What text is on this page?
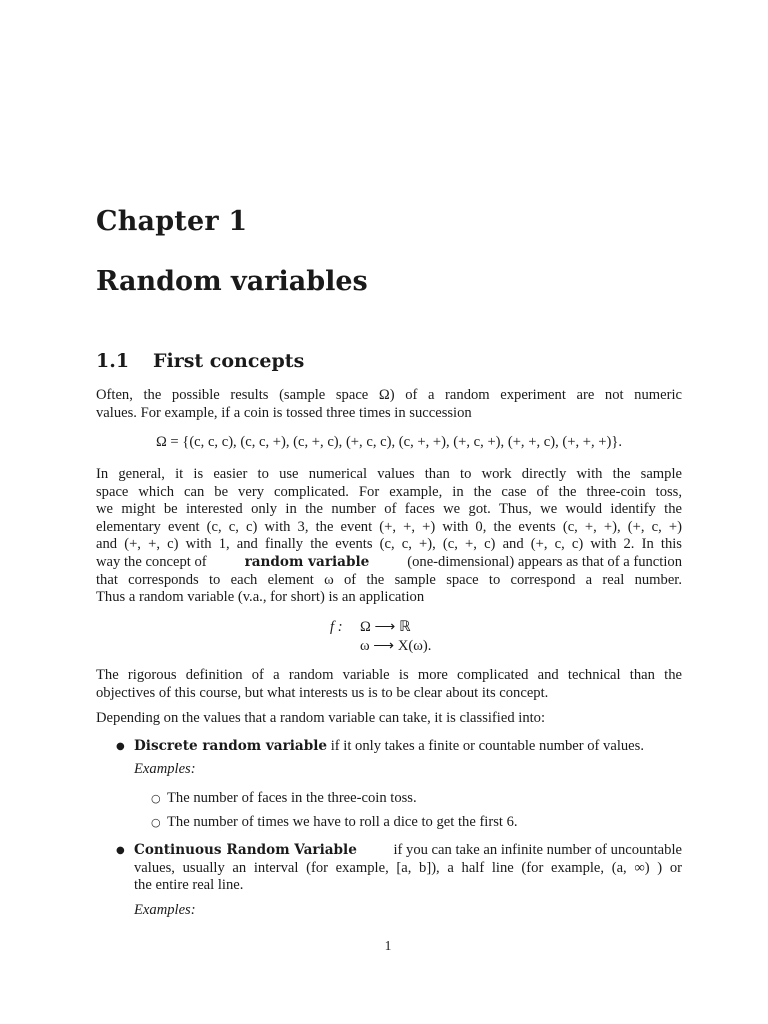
Chapter 1
Random variables
1.1 First concepts
Often, the possible results (sample space Ω) of a random experiment are not numeric
values. For example, if a coin is tossed three times in succession
Ω = {(c, c, c), (c, c, +), (c, +, c), (+, c, c), (c, +, +), (+, c, +), (+, +, c), (+, +, +)}.
In general, it is easier to use numerical values than to work directly with the sample
space which can be very complicated. For example, in the case of the three-coin toss,
we might be interested only in the number of faces we got. Thus, we would identify the
elementary event (c, c, c) with 3, the event (+, +, +) with 0, the events (c, +, +), (+, c, +)
and (+, +, c) with 1, and finally the events (c, c, +), (c, +, c) and (+, c, c) with 2. In this
way the concept of	random variable	(one-dimensional) appears as that of a function
that corresponds to each element ω of the sample space to correspond a real number.
Thus a random variable (v.a., for short) is an application
f : Ω ⟶ ℝ
ω ⟶ X(ω).
The rigorous definition of a random variable is more complicated and technical than the
objectives of this course, but what interests us is to be clear about its concept.
Depending on the values that a random variable can take, it is classified into:
● Discrete random variable if it only takes a finite or countable number of values.
Examples:
○ The number of faces in the three-coin toss.
○ The number of times we have to roll a dice to get the first 6.
● Continuous Random Variable	if you can take an infinite number of uncountable
values, usually an interval (for example, [a, b]), a half line (for example, (a, ∞) ) or
the entire real line.
Examples:
1
